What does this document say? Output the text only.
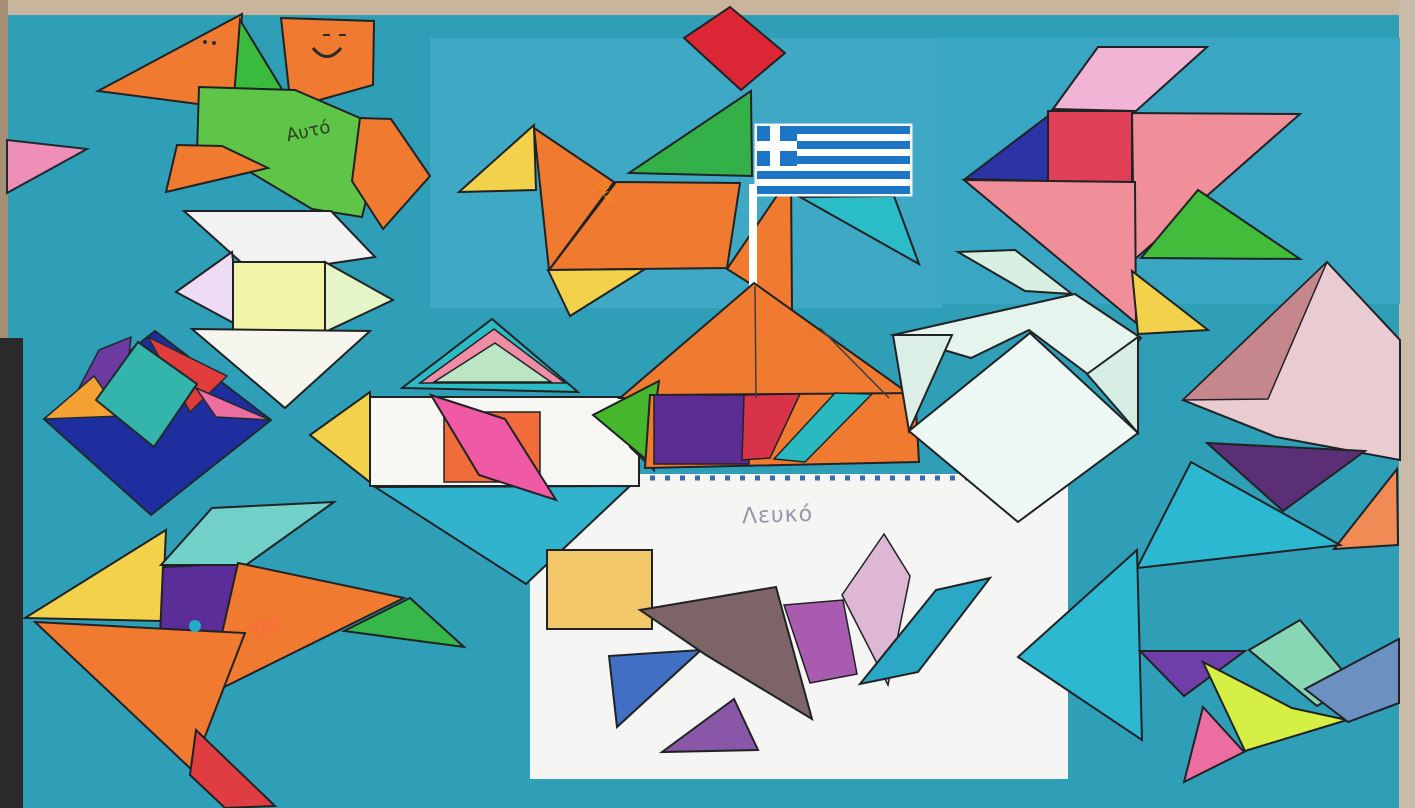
Λευκό
Αυτό
Blue
ΤΑΚ
